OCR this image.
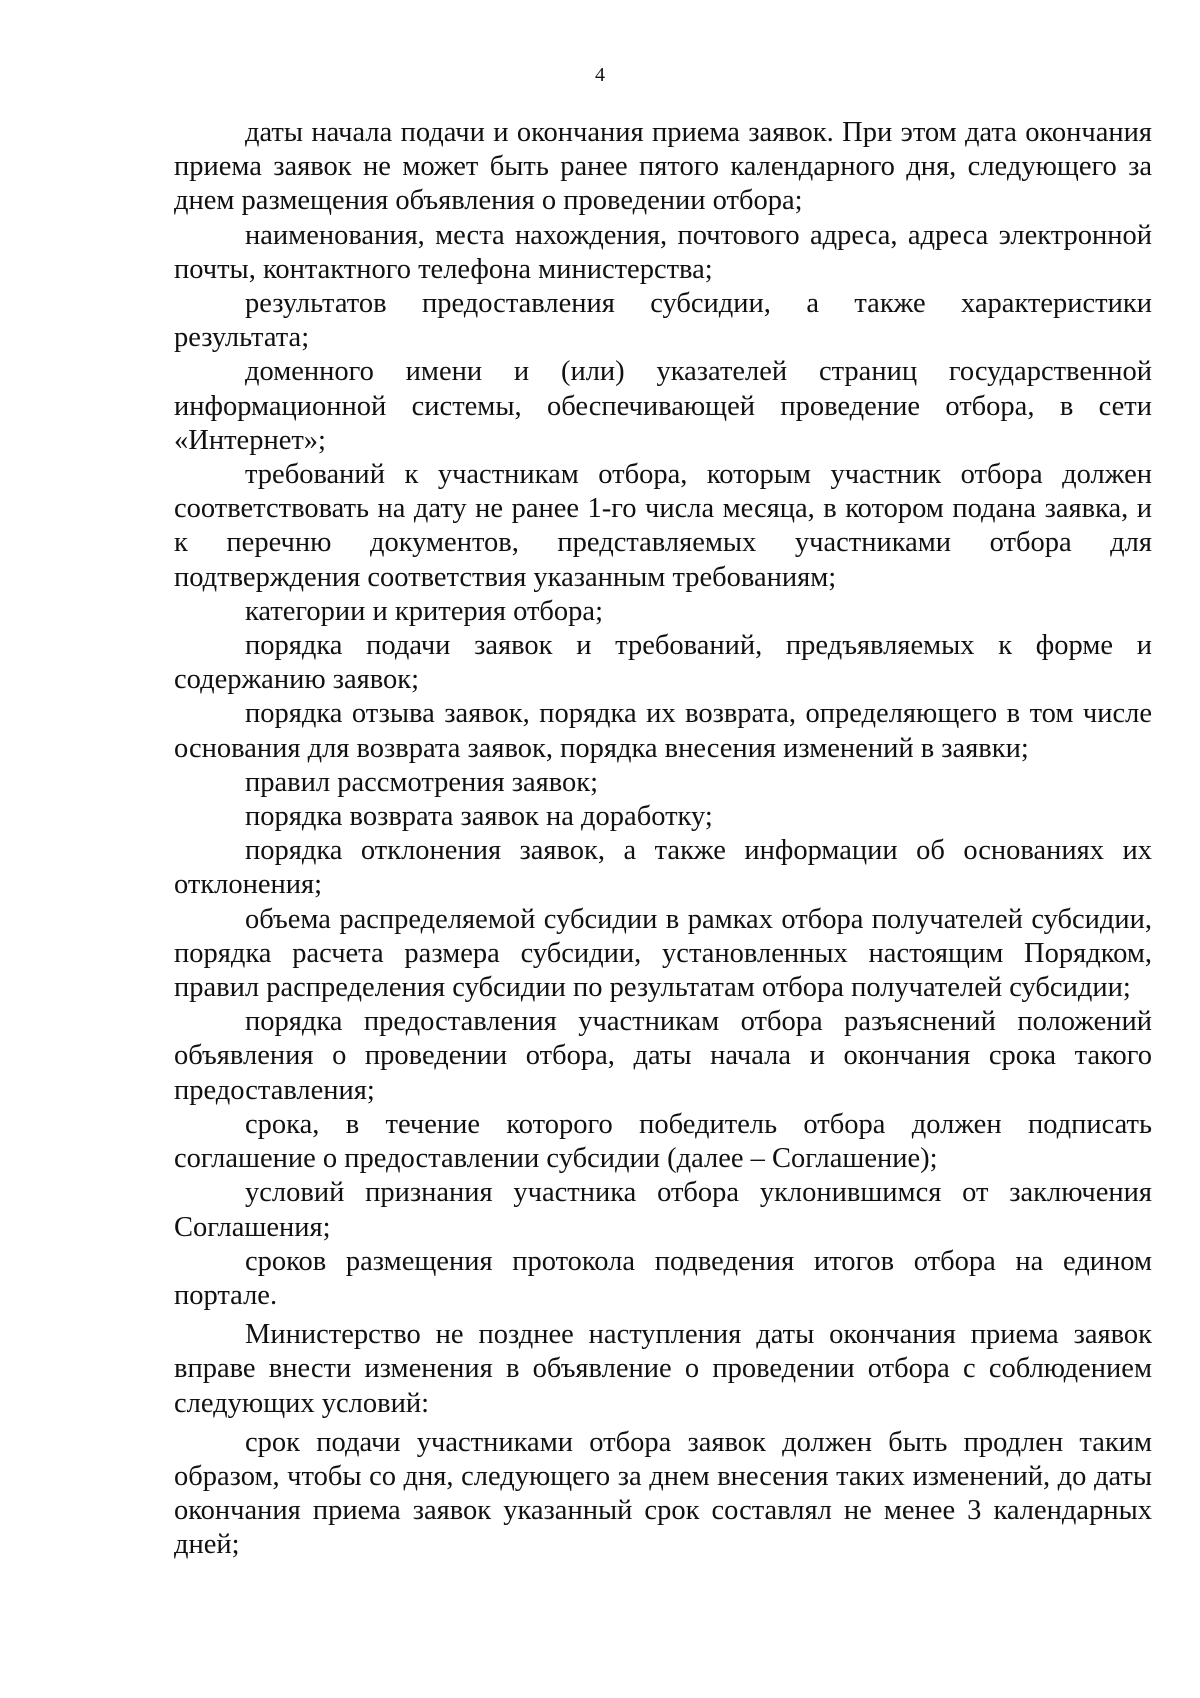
4

даты начала подачи и окончания приема заявок. При этом дата окончания приема заявок не может быть ранее пятого календарного дня, следующего за днем размещения объявления о проведении отбора;

наименования, места нахождения, почтового адреса, адреса электронной почты, контактного телефона министерства;

результатов предоставления субсидии, а также характеристики результата;

доменного имени и (или) указателей страниц государственной информационной системы, обеспечивающей проведение отбора, в сети «Интернет»;

требований к участникам отбора, которым участник отбора должен соответствовать на дату не ранее 1-го числа месяца, в котором подана заявка, и к перечню документов, представляемых участниками отбора для подтверждения соответствия указанным требованиям;

категории и критерия отбора;

порядка подачи заявок и требований, предъявляемых к форме и содержанию заявок;

порядка отзыва заявок, порядка их возврата, определяющего в том числе основания для возврата заявок, порядка внесения изменений в заявки;

правил рассмотрения заявок;

порядка возврата заявок на доработку;

порядка отклонения заявок, а также информации об основаниях их отклонения;

объема распределяемой субсидии в рамках отбора получателей субсидии, порядка расчета размера субсидии, установленных настоящим Порядком, правил распределения субсидии по результатам отбора получателей субсидии;

порядка предоставления участникам отбора разъяснений положений объявления о проведении отбора, даты начала и окончания срока такого предоставления;

срока, в течение которого победитель отбора должен подписать соглашение о предоставлении субсидии (далее – Соглашение);

условий признания участника отбора уклонившимся от заключения Соглашения;

сроков размещения протокола подведения итогов отбора на едином портале.

Министерство не позднее наступления даты окончания приема заявок вправе внести изменения в объявление о проведении отбора с соблюдением следующих условий:

срок подачи участниками отбора заявок должен быть продлен таким образом, чтобы со дня, следующего за днем внесения таких изменений, до даты окончания приема заявок указанный срок составлял не менее 3 календарных дней;
